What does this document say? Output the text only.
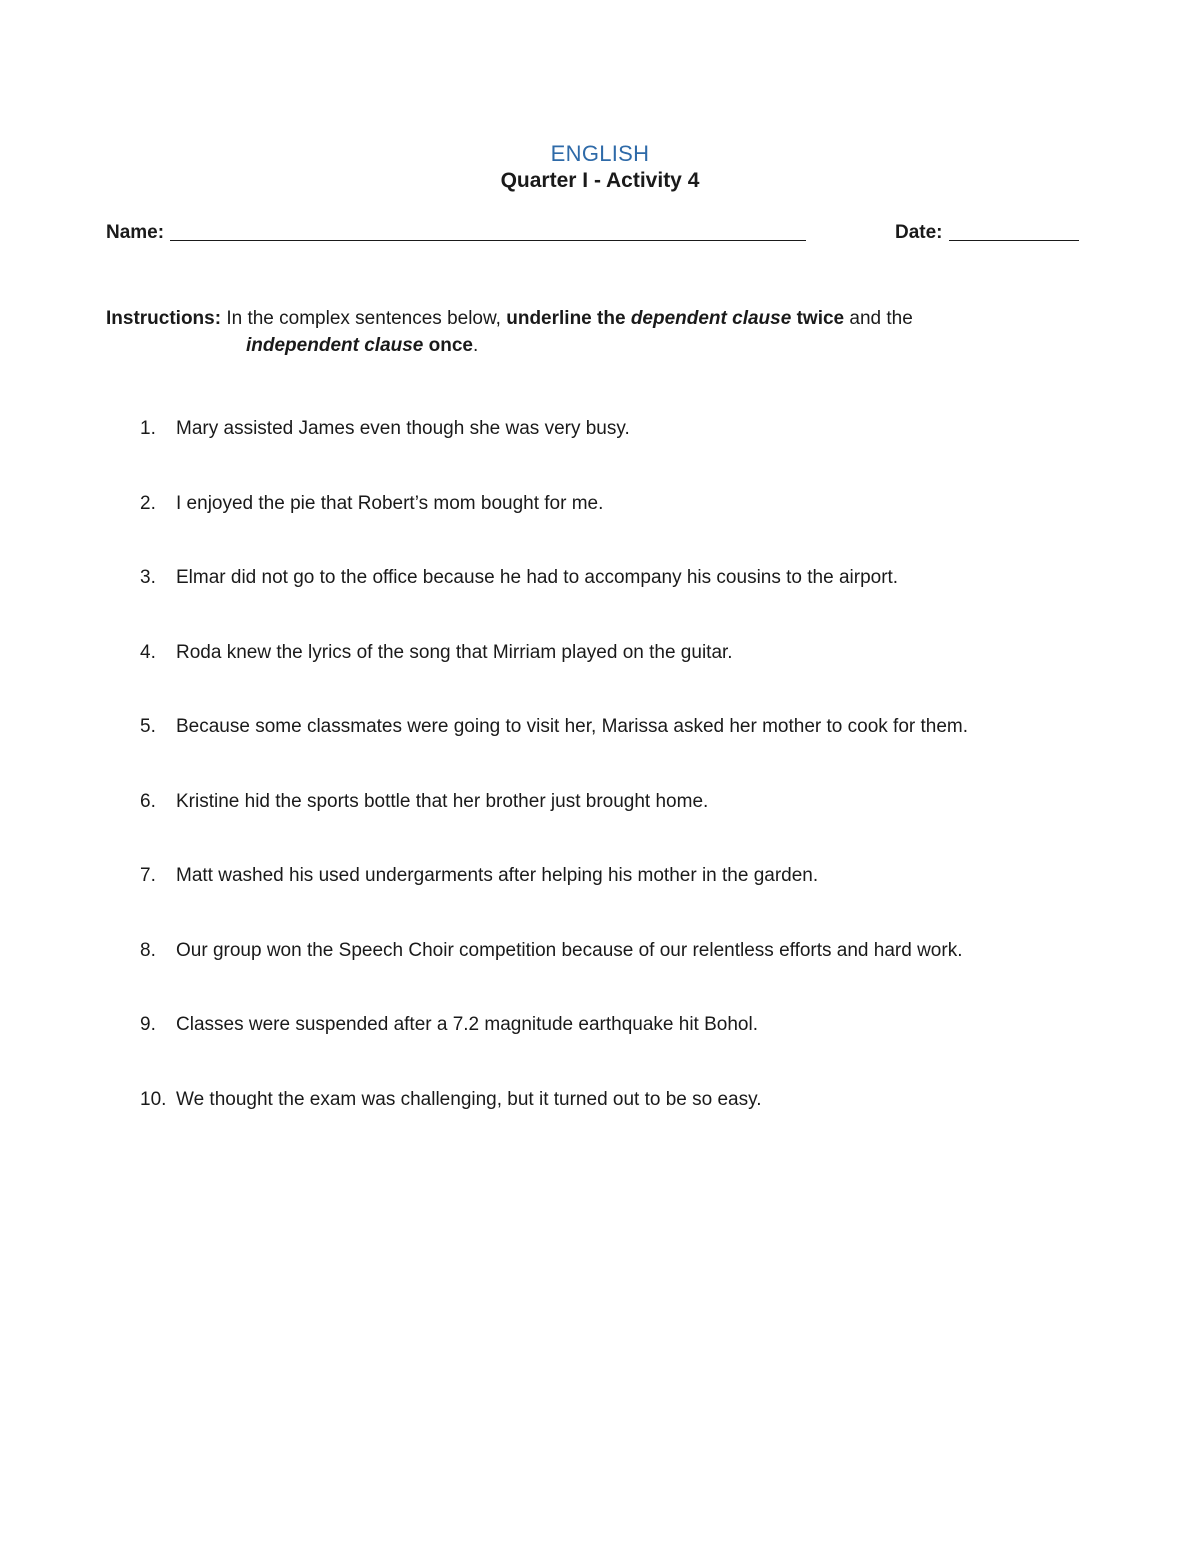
ENGLISH
Quarter I - Activity 4
Name:	Date:
Instructions: In the complex sentences below, underline the dependent clause twice and the
independent clause once.
1. Mary assisted James even though she was very busy.
2. I enjoyed the pie that Robert’s mom bought for me.
3. Elmar did not go to the office because he had to accompany his cousins to the airport.
4. Roda knew the lyrics of the song that Mirriam played on the guitar.
5. Because some classmates were going to visit her, Marissa asked her mother to cook for them.
6. Kristine hid the sports bottle that her brother just brought home.
7. Matt washed his used undergarments after helping his mother in the garden.
8. Our group won the Speech Choir competition because of our relentless efforts and hard work.
9. Classes were suspended after a 7.2 magnitude earthquake hit Bohol.
10. We thought the exam was challenging, but it turned out to be so easy.
